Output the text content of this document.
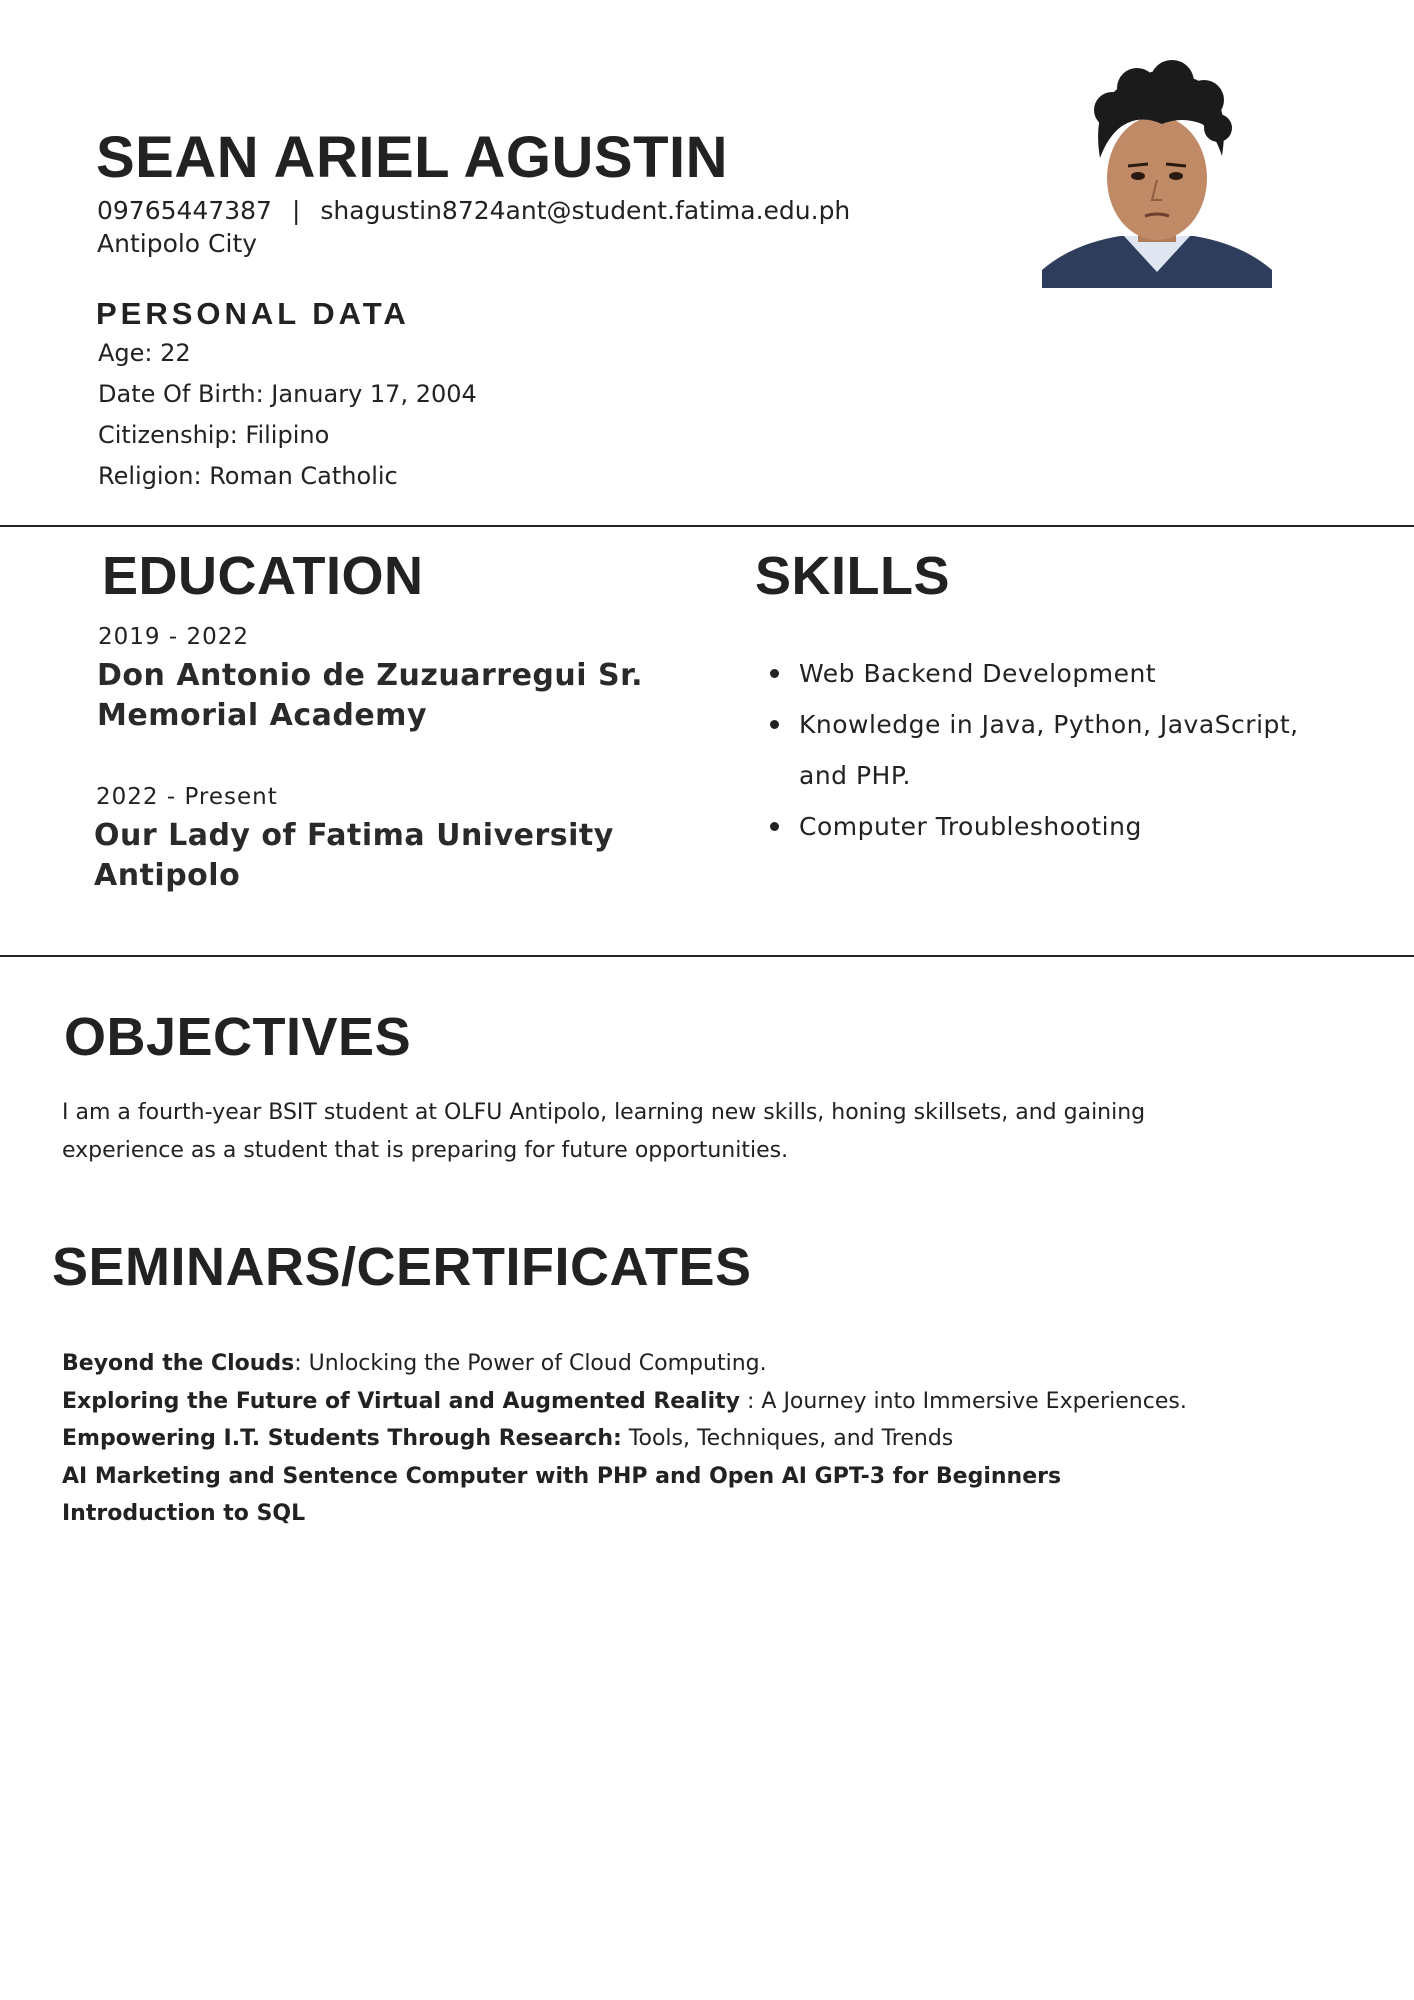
SEAN ARIEL AGUSTIN
09765447387 | shagustin8724ant@student.fatima.edu.ph
Antipolo City
PERSONAL DATA
Age: 22
Date Of Birth: January 17, 2004
Citizenship: Filipino
Religion: Roman Catholic
EDUCATION
2019 - 2022
Don Antonio de Zuzuarregui Sr. Memorial Academy
2022 - Present
Our Lady of Fatima University Antipolo
SKILLS
Web Backend Development
Knowledge in Java, Python, JavaScript, and PHP.
Computer Troubleshooting
OBJECTIVES

I am a fourth-year BSIT student at OLFU Antipolo, learning new skills, honing skillsets, and gaining experience as a student that is preparing for future opportunities.

SEMINARS/CERTIFICATES
Beyond the Clouds: Unlocking the Power of Cloud Computing.
Exploring the Future of Virtual and Augmented Reality : A Journey into Immersive Experiences.
Empowering I.T. Students Through Research: Tools, Techniques, and Trends
AI Marketing and Sentence Computer with PHP and Open AI GPT-3 for Beginners
Introduction to SQL
